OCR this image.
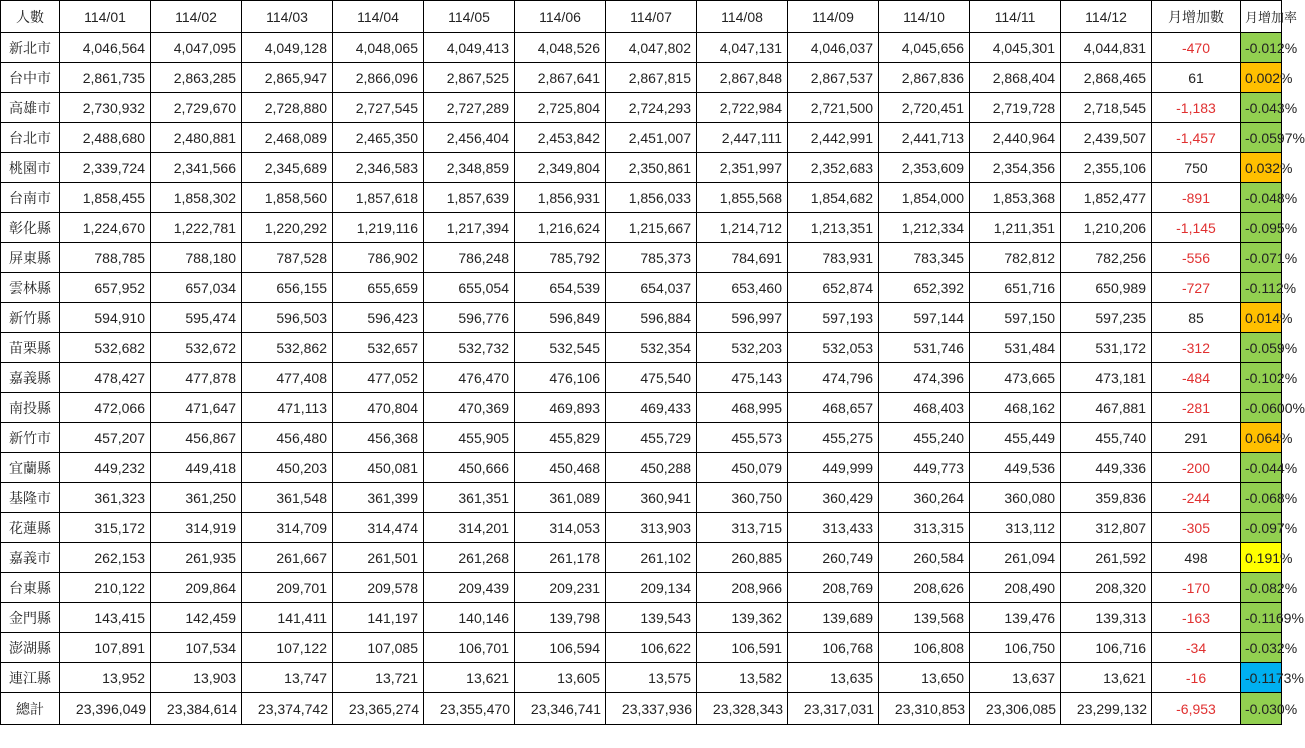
人數	114/01	114/02	114/03	114/04	114/05	114/06	114/07	114/08	114/09	114/10	114/11	114/12	月增加數	月增加率
新北市	4,046,564	4,047,095	4,049,128	4,048,065	4,049,413	4,048,526	4,047,802	4,047,131	4,046,037	4,045,656	4,045,301	4,044,831	-470	-0.012%
台中市	2,861,735	2,863,285	2,865,947	2,866,096	2,867,525	2,867,641	2,867,815	2,867,848	2,867,537	2,867,836	2,868,404	2,868,465	61	0.002%
高雄市	2,730,932	2,729,670	2,728,880	2,727,545	2,727,289	2,725,804	2,724,293	2,722,984	2,721,500	2,720,451	2,719,728	2,718,545	-1,183	-0.043%
台北市	2,488,680	2,480,881	2,468,089	2,465,350	2,456,404	2,453,842	2,451,007	2,447,111	2,442,991	2,441,713	2,440,964	2,439,507	-1,457	-0.0597%
桃園市	2,339,724	2,341,566	2,345,689	2,346,583	2,348,859	2,349,804	2,350,861	2,351,997	2,352,683	2,353,609	2,354,356	2,355,106	750	0.032%
台南市	1,858,455	1,858,302	1,858,560	1,857,618	1,857,639	1,856,931	1,856,033	1,855,568	1,854,682	1,854,000	1,853,368	1,852,477	-891	-0.048%
彰化縣	1,224,670	1,222,781	1,220,292	1,219,116	1,217,394	1,216,624	1,215,667	1,214,712	1,213,351	1,212,334	1,211,351	1,210,206	-1,145	-0.095%
屏東縣	788,785	788,180	787,528	786,902	786,248	785,792	785,373	784,691	783,931	783,345	782,812	782,256	-556	-0.071%
雲林縣	657,952	657,034	656,155	655,659	655,054	654,539	654,037	653,460	652,874	652,392	651,716	650,989	-727	-0.112%
新竹縣	594,910	595,474	596,503	596,423	596,776	596,849	596,884	596,997	597,193	597,144	597,150	597,235	85	0.014%
苗栗縣	532,682	532,672	532,862	532,657	532,732	532,545	532,354	532,203	532,053	531,746	531,484	531,172	-312	-0.059%
嘉義縣	478,427	477,878	477,408	477,052	476,470	476,106	475,540	475,143	474,796	474,396	473,665	473,181	-484	-0.102%
南投縣	472,066	471,647	471,113	470,804	470,369	469,893	469,433	468,995	468,657	468,403	468,162	467,881	-281	-0.0600%
新竹市	457,207	456,867	456,480	456,368	455,905	455,829	455,729	455,573	455,275	455,240	455,449	455,740	291	0.064%
宜蘭縣	449,232	449,418	450,203	450,081	450,666	450,468	450,288	450,079	449,999	449,773	449,536	449,336	-200	-0.044%
基隆市	361,323	361,250	361,548	361,399	361,351	361,089	360,941	360,750	360,429	360,264	360,080	359,836	-244	-0.068%
花蓮縣	315,172	314,919	314,709	314,474	314,201	314,053	313,903	313,715	313,433	313,315	313,112	312,807	-305	-0.097%
嘉義市	262,153	261,935	261,667	261,501	261,268	261,178	261,102	260,885	260,749	260,584	261,094	261,592	498	0.191%
台東縣	210,122	209,864	209,701	209,578	209,439	209,231	209,134	208,966	208,769	208,626	208,490	208,320	-170	-0.082%
金門縣	143,415	142,459	141,411	141,197	140,146	139,798	139,543	139,362	139,689	139,568	139,476	139,313	-163	-0.1169%
澎湖縣	107,891	107,534	107,122	107,085	106,701	106,594	106,622	106,591	106,768	106,808	106,750	106,716	-34	-0.032%
連江縣	13,952	13,903	13,747	13,721	13,621	13,605	13,575	13,582	13,635	13,650	13,637	13,621	-16	-0.1173%
總計	23,396,049	23,384,614	23,374,742	23,365,274	23,355,470	23,346,741	23,337,936	23,328,343	23,317,031	23,310,853	23,306,085	23,299,132	-6,953	-0.030%
